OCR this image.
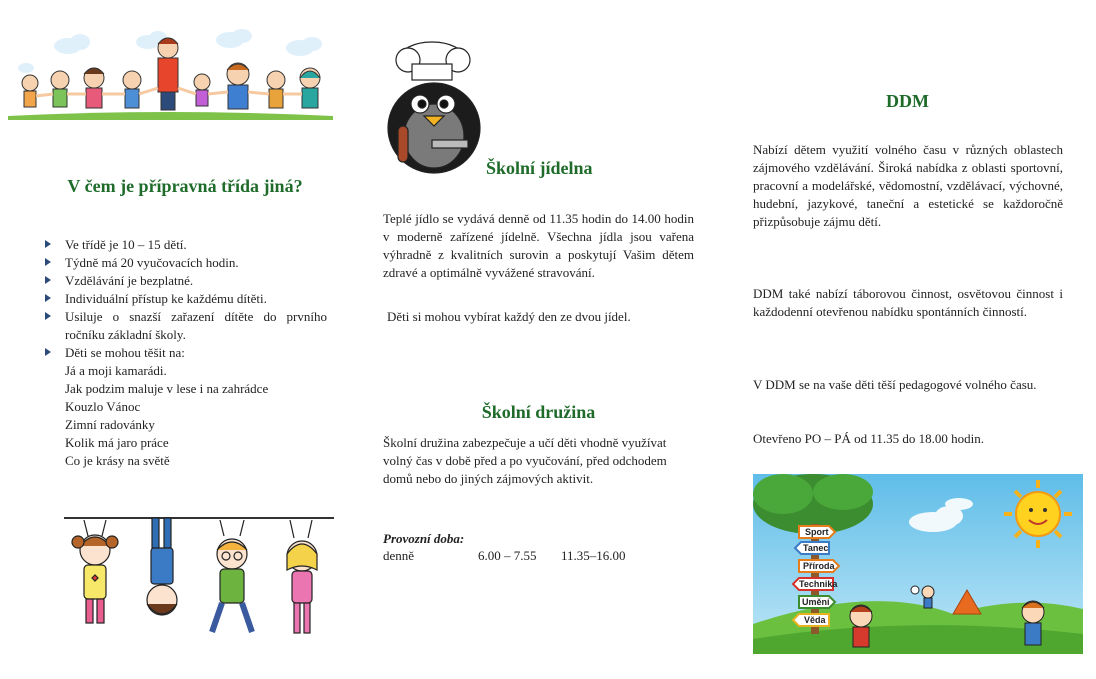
V čem je přípravná třída jiná?
Ve třídě je 10 – 15 dětí.
Týdně má 20 vyučovacích hodin.
Vzdělávání je bezplatné.
Individuální přístup ke každému dítěti.
Usiluje o snazší zařazení dítěte do prvního ročníku základní školy.
Děti se mohou těšit na:
Já a moji kamarádi.
Jak podzim maluje v lese i na zahrádce
Kouzlo Vánoc
Zimní radovánky
Kolik má jaro práce
Co je krásy na světě
Školní jídelna
Teplé jídlo se vydává denně od 11.35 hodin do 14.00 hodin v moderně zařízené jídelně. Všechna jídla jsou vařena výhradně z kvalitních surovin a poskytují Vašim dětem zdravé a optimálně vyvážené stravování.
Děti si mohou vybírat každý den ze dvou jídel.
Školní družina
Školní družina zabezpečuje a učí děti vhodně využívat volný čas v době před a po vyučování, před odchodem domů nebo do jiných zájmových aktivit.
Provozní doba:
denně	6.00 – 7.55 11.35–16.00
DDM
Nabízí dětem využití volného času v různých oblastech zájmového vzdělávání. Široká nabídka z oblasti sportovní, pracovní a modelářské, vědomostní, vzdělávací, výchovné, hudební, jazykové, taneční a estetické se každoročně přizpůsobuje zájmu dětí.
DDM také nabízí táborovou činnost, osvětovou činnost i každodenní otevřenou nabídku spontánních činností.
V DDM se na vaše děti těší pedagogové volného času.
Otevřeno PO – PÁ od 11.35 do 18.00 hodin.
Sport
Tanec
Příroda
Technika
Umění
Věda
